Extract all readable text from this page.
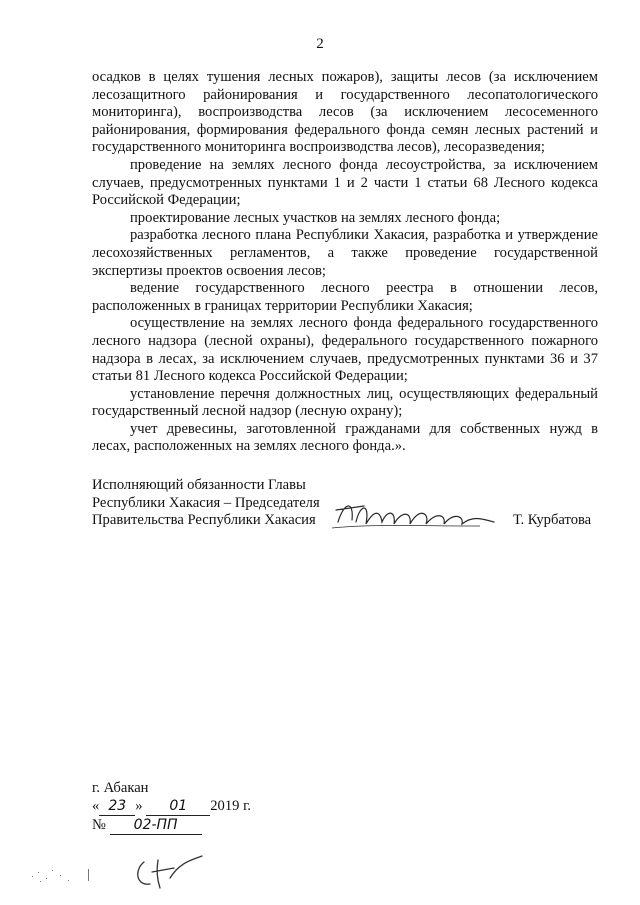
2

осадков в целях тушения лесных пожаров), защиты лесов (за исключением лесозащитного районирования и государственного лесопатологического мониторинга), воспроизводства лесов (за исключением лесосеменного районирования, формирования федерального фонда семян лесных растений и государственного мониторинга воспроизводства лесов), лесоразведения;

проведение на землях лесного фонда лесоустройства, за исключением случаев, предусмотренных пунктами 1 и 2 части 1 статьи 68 Лесного кодекса Российской Федерации;

проектирование лесных участков на землях лесного фонда;

разработка лесного плана Республики Хакасия, разработка и утверждение лесохозяйственных регламентов, а также проведение государственной экспертизы проектов освоения лесов;

ведение государственного лесного реестра в отношении лесов, расположенных в границах территории Республики Хакасия;

осуществление на землях лесного фонда федерального государственного лесного надзора (лесной охраны), федерального государственного пожарного надзора в лесах, за исключением случаев, предусмотренных пунктами 36 и 37 статьи 81 Лесного кодекса Российской Федерации;

установление перечня должностных лиц, осуществляющих федеральный государственный лесной надзор (лесную охрану);

учет древесины, заготовленной гражданами для собственных нужд в лесах, расположенных на землях лесного фонда.».

Исполняющий обязанности Главы
Республики Хакасия – Председателя
Правительства Республики Хакасия	Т. Курбатова
г. Абакан
« 23 » 01 2019 г.
№ 02-ПП
